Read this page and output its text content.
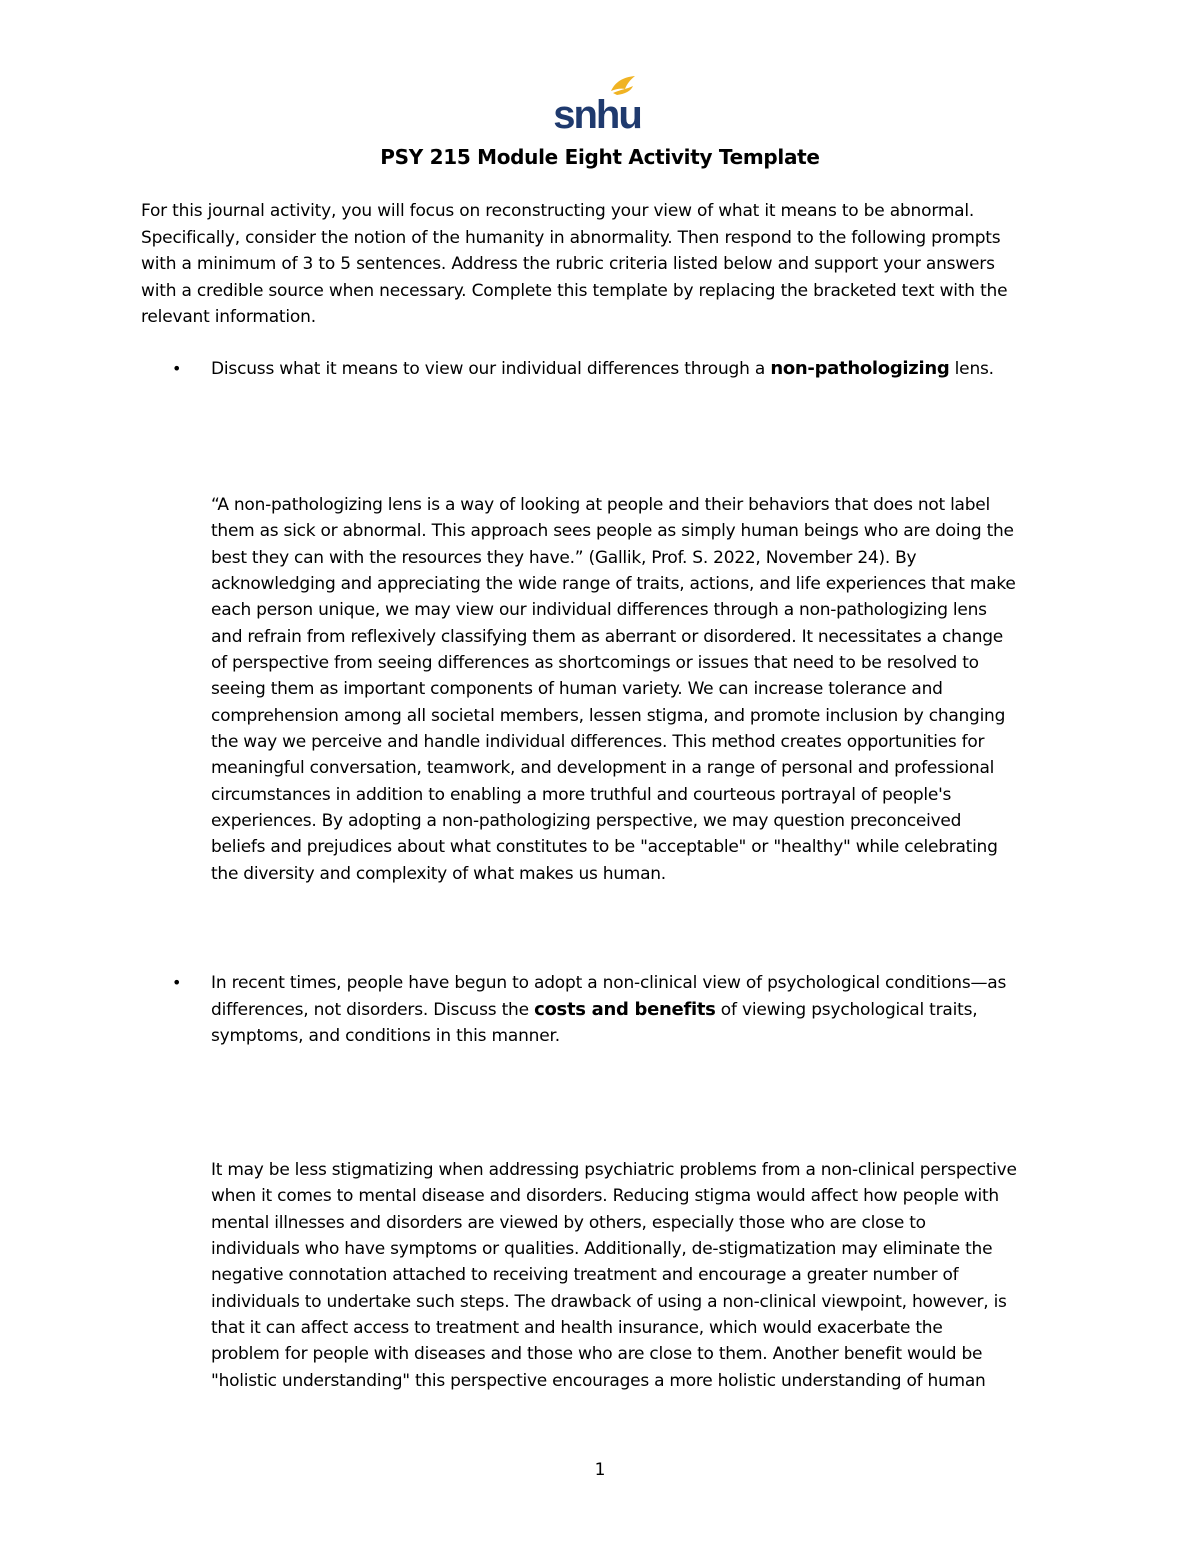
snhu
PSY 215 Module Eight Activity Template
For this journal activity, you will focus on reconstructing your view of what it means to be abnormal.
Specifically, consider the notion of the humanity in abnormality. Then respond to the following prompts
with a minimum of 3 to 5 sentences. Address the rubric criteria listed below and support your answers
with a credible source when necessary. Complete this template by replacing the bracketed text with the
relevant information.
• Discuss what it means to view our individual differences through a non-pathologizing lens.
“A non-pathologizing lens is a way of looking at people and their behaviors that does not label
them as sick or abnormal. This approach sees people as simply human beings who are doing the
best they can with the resources they have.” (Gallik, Prof. S. 2022, November 24). By
acknowledging and appreciating the wide range of traits, actions, and life experiences that make
each person unique, we may view our individual differences through a non-pathologizing lens
and refrain from reflexively classifying them as aberrant or disordered. It necessitates a change
of perspective from seeing differences as shortcomings or issues that need to be resolved to
seeing them as important components of human variety. We can increase tolerance and
comprehension among all societal members, lessen stigma, and promote inclusion by changing
the way we perceive and handle individual differences. This method creates opportunities for
meaningful conversation, teamwork, and development in a range of personal and professional
circumstances in addition to enabling a more truthful and courteous portrayal of people's
experiences. By adopting a non-pathologizing perspective, we may question preconceived
beliefs and prejudices about what constitutes to be "acceptable" or "healthy" while celebrating
the diversity and complexity of what makes us human.
• In recent times, people have begun to adopt a non-clinical view of psychological conditions—as
differences, not disorders. Discuss the costs and benefits of viewing psychological traits,
symptoms, and conditions in this manner.
It may be less stigmatizing when addressing psychiatric problems from a non-clinical perspective
when it comes to mental disease and disorders. Reducing stigma would affect how people with
mental illnesses and disorders are viewed by others, especially those who are close to
individuals who have symptoms or qualities. Additionally, de-stigmatization may eliminate the
negative connotation attached to receiving treatment and encourage a greater number of
individuals to undertake such steps. The drawback of using a non-clinical viewpoint, however, is
that it can affect access to treatment and health insurance, which would exacerbate the
problem for people with diseases and those who are close to them. Another benefit would be
"holistic understanding" this perspective encourages a more holistic understanding of human
1
